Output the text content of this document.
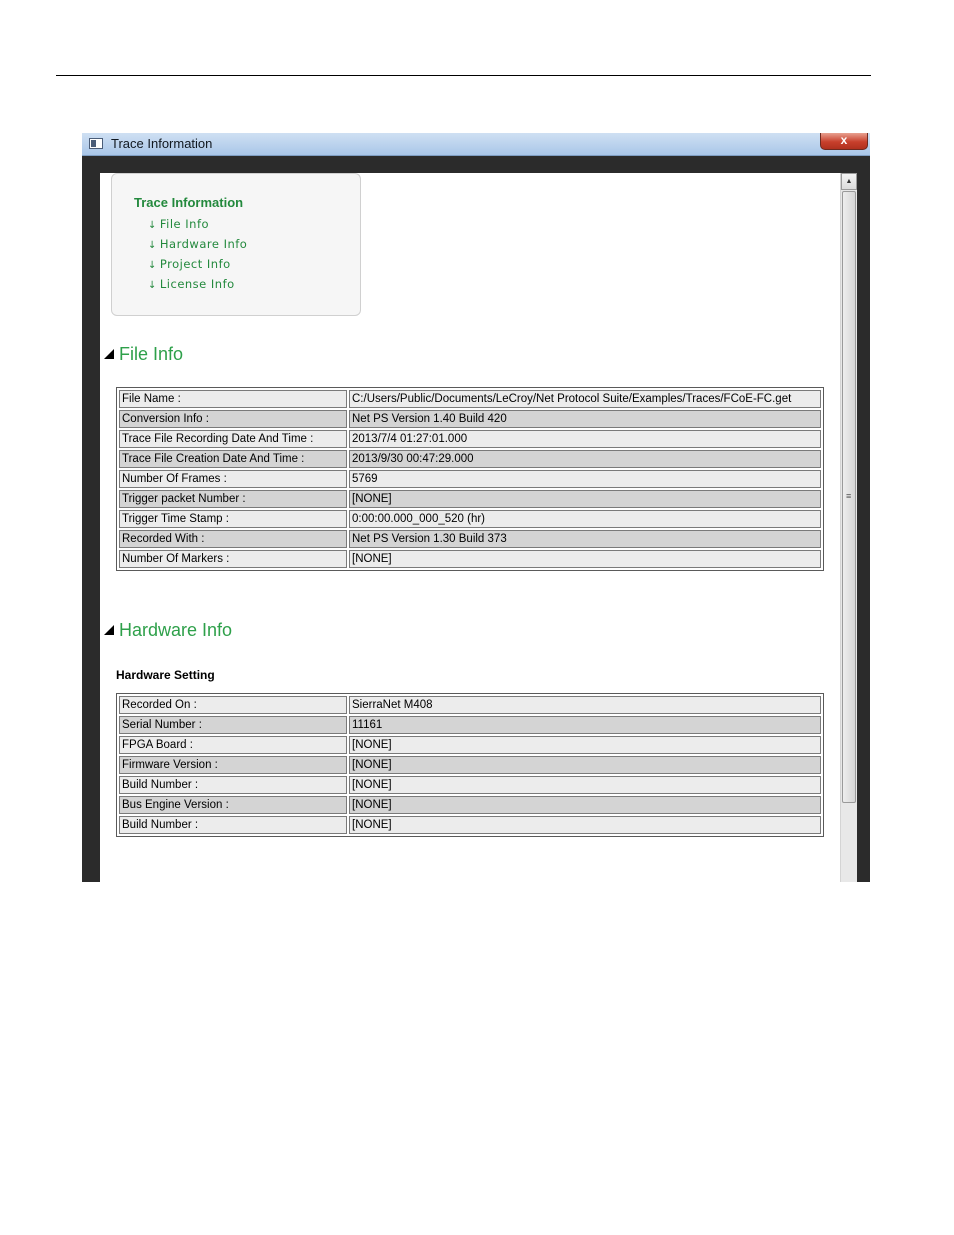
Trace Information	x
Trace Information
↓ File Info
↓ Hardware Info
↓ Project Info
↓ License Info
File Info
File Name :	C:/Users/Public/Documents/LeCroy/Net Protocol Suite/Examples/Traces/FCoE-FC.get
Conversion Info :	Net PS Version 1.40 Build 420
Trace File Recording Date And Time :	2013/7/4 01:27:01.000
Trace File Creation Date And Time :	2013/9/30 00:47:29.000
Number Of Frames :	5769
Trigger packet Number :	[NONE]
Trigger Time Stamp :	0:00:00.000_000_520 (hr)
Recorded With :	Net PS Version 1.30 Build 373
Number Of Markers :	[NONE]
Hardware Info
Hardware Setting
Recorded On :	SierraNet M408
Serial Number :	11161
FPGA Board :	[NONE]
Firmware Version :	[NONE]
Build Number :	[NONE]
Bus Engine Version :	[NONE]
Build Number :	[NONE]
▲
≡
